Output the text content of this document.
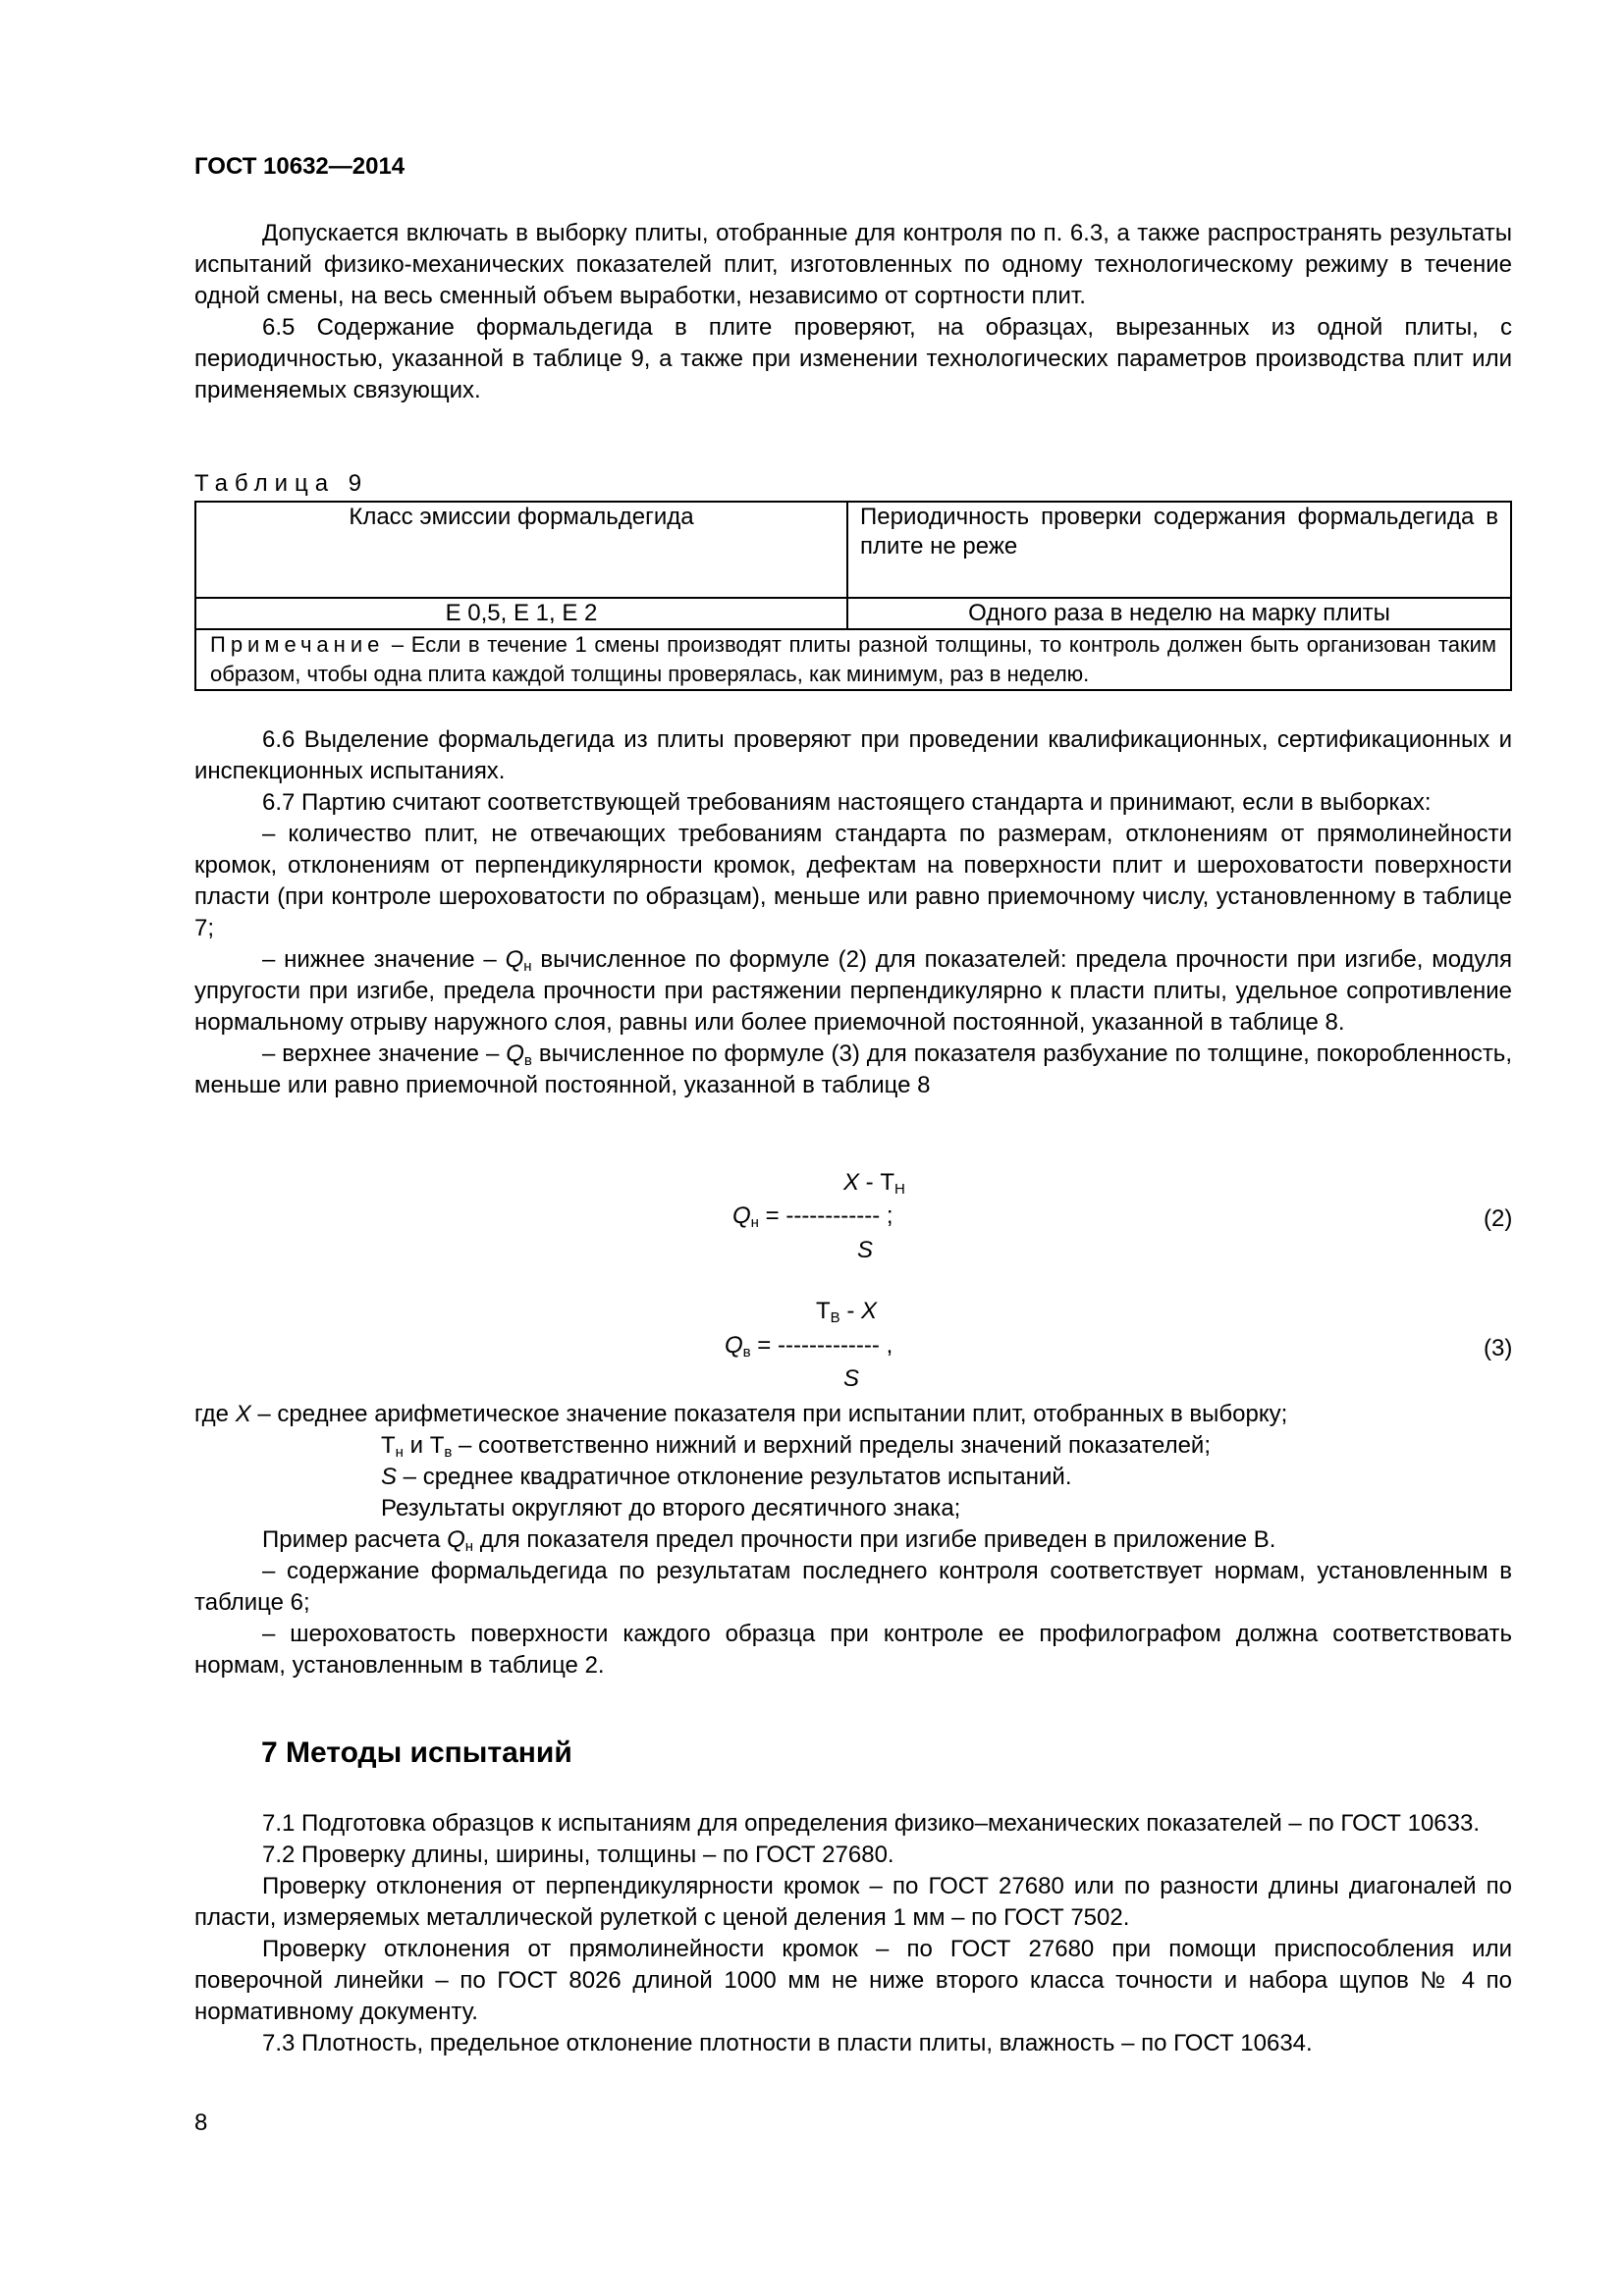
ГОСТ 10632—2014

Допускается включать в выборку плиты, отобранные для контроля по п. 6.3, а также распространять результаты испытаний физико-механических показателей плит, изготовленных по одному технологическому режиму в течение одной смены, на весь сменный объем выработки, независимо от сортности плит.

6.5 Содержание формальдегида в плите проверяют, на образцах, вырезанных из одной плиты, с периодичностью, указанной в таблице 9, а также при изменении технологических параметров производства плит или применяемых связующих.

Таблица 9
Класс эмиссии формальдегида	Периодичность проверки содержания формальдегида в плите не реже
Е 0,5, Е 1, Е 2	Одного раза в неделю на марку плиты
Примечание – Если в течение 1 смены производят плиты разной толщины, то контроль должен быть организован таким образом, чтобы одна плита каждой толщины проверялась, как минимум, раз в неделю.	

6.6 Выделение формальдегида из плиты проверяют при проведении квалификационных, сертификационных и инспекционных испытаниях.

6.7 Партию считают соответствующей требованиям настоящего стандарта и принимают, если в выборках:

– количество плит, не отвечающих требованиям стандарта по размерам, отклонениям от прямолинейности кромок, отклонениям от перпендикулярности кромок, дефектам на поверхности плит и шероховатости поверхности пласти (при контроле шероховатости по образцам), меньше или равно приемочному числу, установленному в таблице 7;

– нижнее значение – $Q_н$ вычисленное по формуле (2) для показателей: предела прочности при изгибе, модуля упругости при изгибе, предела прочности при растяжении перпендикулярно к пласти плиты, удельное сопротивление нормальному отрыву наружного слоя, равны или более приемочной постоянной, указанной в таблице 8.

– верхнее значение – $Q_в$ вычисленное по формуле (3) для показателя разбухание по толщине, покоробленность, меньше или равно приемочной постоянной, указанной в таблице 8

X - $Т_Н$
$Q_н$ = ------------ ;
S
(2)
$Т_В$ - X
$Q_в$ = ------------- ,
S
(3)

где X – среднее арифметическое значение показателя при испытании плит, отобранных в выборку;

$Т_н$ и $Т_в$ – соответственно нижний и верхний пределы значений показателей;

S – среднее квадратичное отклонение результатов испытаний.

Результаты округляют до второго десятичного знака;

Пример расчета $Q_н$ для показателя предел прочности при изгибе приведен в приложение В.

– содержание формальдегида по результатам последнего контроля соответствует нормам, установленным в таблице 6;

– шероховатость поверхности каждого образца при контроле ее профилографом должна соответствовать нормам, установленным в таблице 2.

7 Методы испытаний

7.1 Подготовка образцов к испытаниям для определения физико–механических показателей – по ГОСТ 10633.

7.2 Проверку длины, ширины, толщины – по ГОСТ 27680.

Проверку отклонения от перпендикулярности кромок – по ГОСТ 27680 или по разности длины диагоналей по пласти, измеряемых металлической рулеткой с ценой деления 1 мм – по ГОСТ 7502.

Проверку отклонения от прямолинейности кромок – по ГОСТ 27680 при помощи приспособления или поверочной линейки – по ГОСТ 8026 длиной 1000 мм не ниже второго класса точности и набора щупов № 4 по нормативному документу.

7.3 Плотность, предельное отклонение плотности в пласти плиты, влажность – по ГОСТ 10634.

8
